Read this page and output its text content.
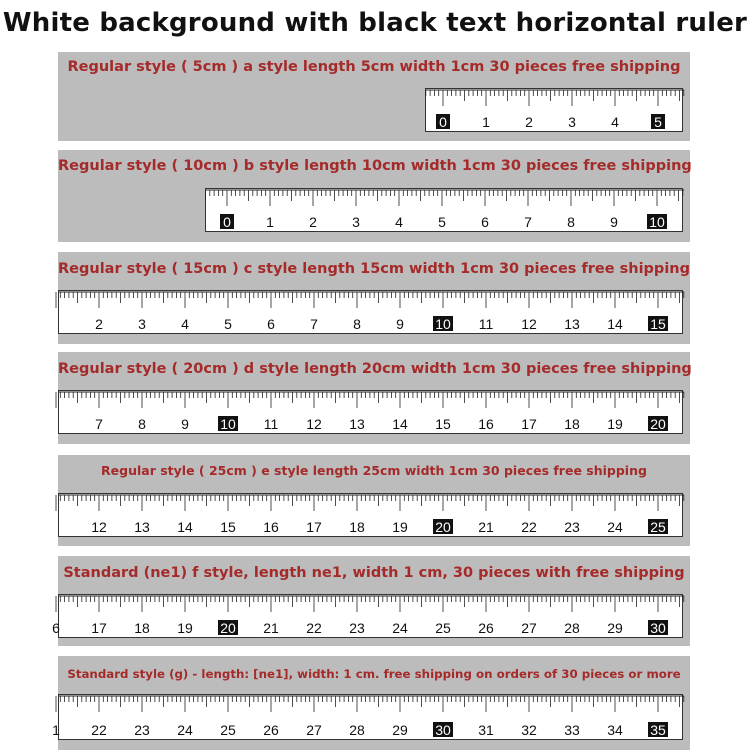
White background with black text horizontal ruler
Regular style ( 5cm ) a style length 5cm width 1cm 30 pieces free shipping
0	1	2	3	4	5
Regular style ( 10cm ) b style length 10cm width 1cm 30 pieces free shipping
0	1	2	3	4	5	6	7	8	9 10
Regular style ( 15cm ) c style length 15cm width 1cm 30 pieces free shipping
2	3	4	5	6	7	8	9 10 11 12 13 14 15
Regular style ( 20cm ) d style length 20cm width 1cm 30 pieces free shipping
7	8	9 10 11 12 13 14 15 16 17 18 19 20
Regular style ( 25cm ) e style length 25cm width 1cm 30 pieces free shipping
12 13 14 15 16 17 18 19 20 21 22 23 24 25
Standard (ne1) f style, length ne1, width 1 cm, 30 pieces with free shipping
6 17 18 19 20 21 22 23 24 25 26 27 28 29 30
Standard style (g) - length: [ne1], width: 1 cm. free shipping on orders of 30 pieces or more
1 22 23 24 25 26 27 28 29 30 31 32 33 34 35
